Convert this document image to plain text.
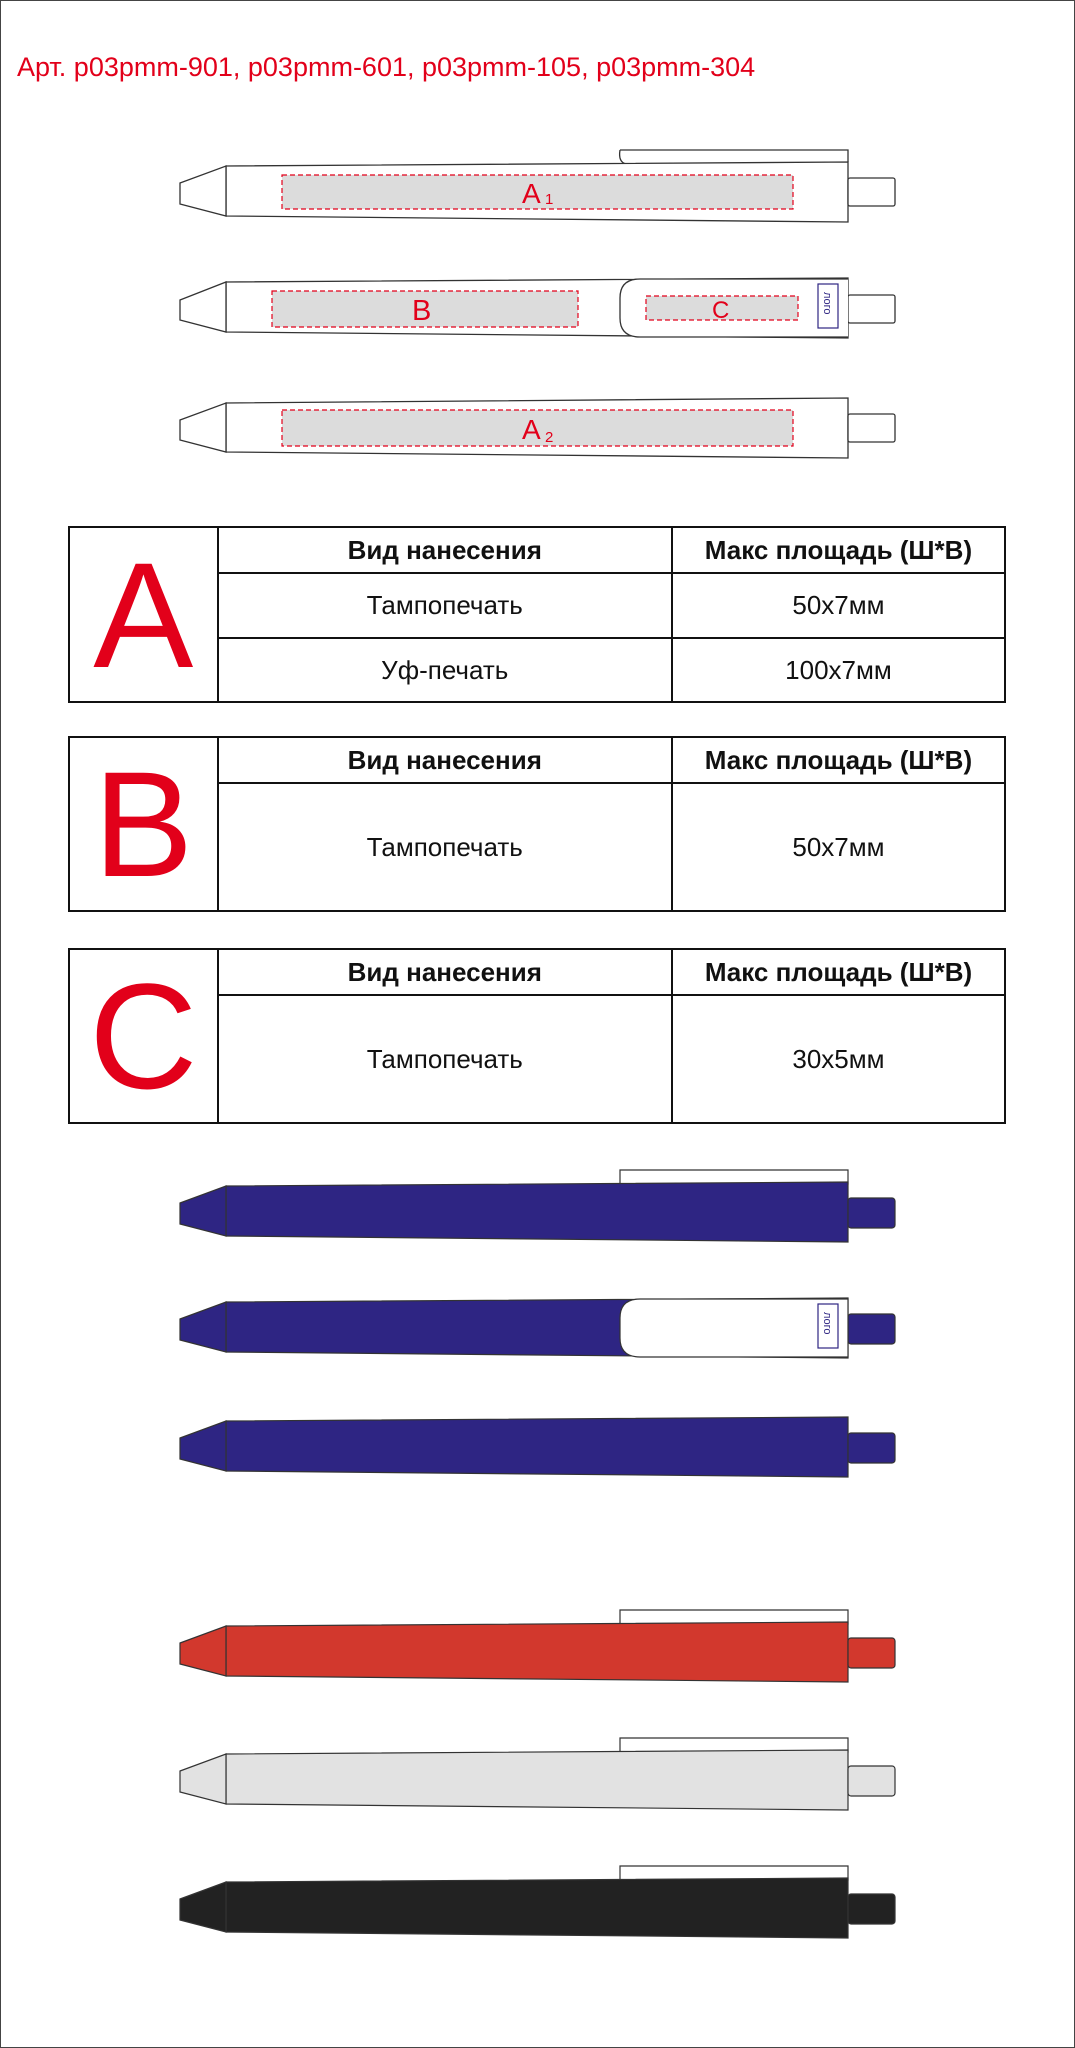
Арт. p03pmm-901, p03pmm-601, p03pmm-105, p03pmm-304
A 1
B	C	лого
A 2
A	Вид нанесения	Макс площадь (Ш*В)
	Тампопечать	50х7мм
	Уф-печать	100х7мм
B	Вид нанесения	Макс площадь (Ш*В)
	Тампопечать	50х7мм
C	Вид нанесения	Макс площадь (Ш*В)
	Тампопечать	30х5мм
лого
